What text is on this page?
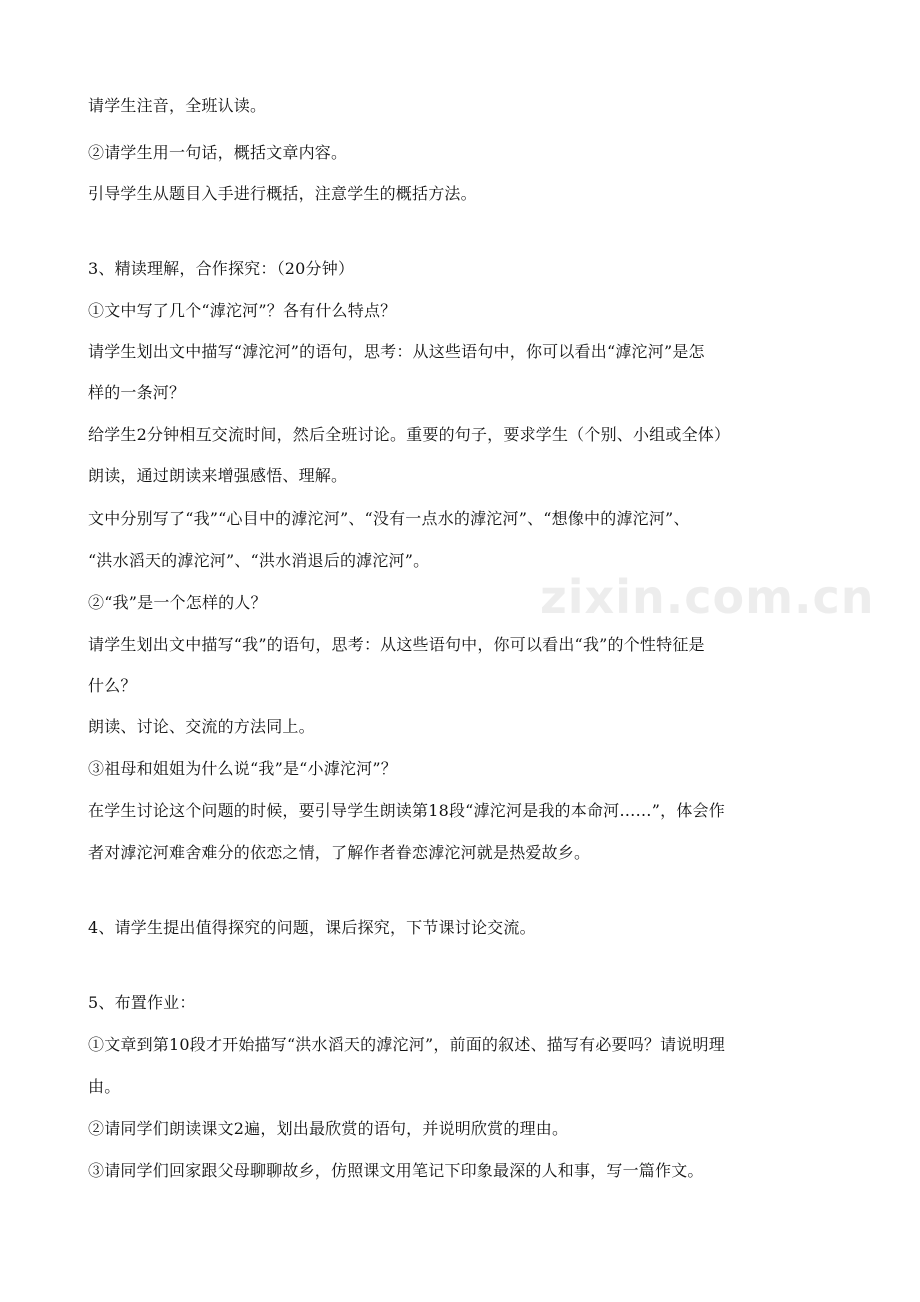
zixin.com.cn
请学生注音，全班认读。
②请学生用一句话，概括文章内容。
引导学生从题目入手进行概括，注意学生的概括方法。
3、精读理解，合作探究：（20分钟）
①文中写了几个“滹沱河”？各有什么特点？
请学生划出文中描写“滹沱河”的语句，思考：从这些语句中，你可以看出“滹沱河”是怎
样的一条河？
给学生2分钟相互交流时间，然后全班讨论。重要的句子，要求学生（个别、小组或全体）
朗读，通过朗读来增强感悟、理解。
文中分别写了“我”“心目中的滹沱河”、“没有一点水的滹沱河”、“想像中的滹沱河”、
“洪水滔天的滹沱河”、“洪水消退后的滹沱河”。
②“我”是一个怎样的人？
请学生划出文中描写“我”的语句，思考：从这些语句中，你可以看出“我”的个性特征是
什么？
朗读、讨论、交流的方法同上。
③祖母和姐姐为什么说“我”是“小滹沱河”？
在学生讨论这个问题的时候，要引导学生朗读第18段“滹沱河是我的本命河……”，体会作
者对滹沱河难舍难分的依恋之情，了解作者眷恋滹沱河就是热爱故乡。
4、请学生提出值得探究的问题，课后探究，下节课讨论交流。
5、布置作业：
①文章到第10段才开始描写“洪水滔天的滹沱河”，前面的叙述、描写有必要吗？请说明理
由。
②请同学们朗读课文2遍，划出最欣赏的语句，并说明欣赏的理由。
③请同学们回家跟父母聊聊故乡，仿照课文用笔记下印象最深的人和事，写一篇作文。
